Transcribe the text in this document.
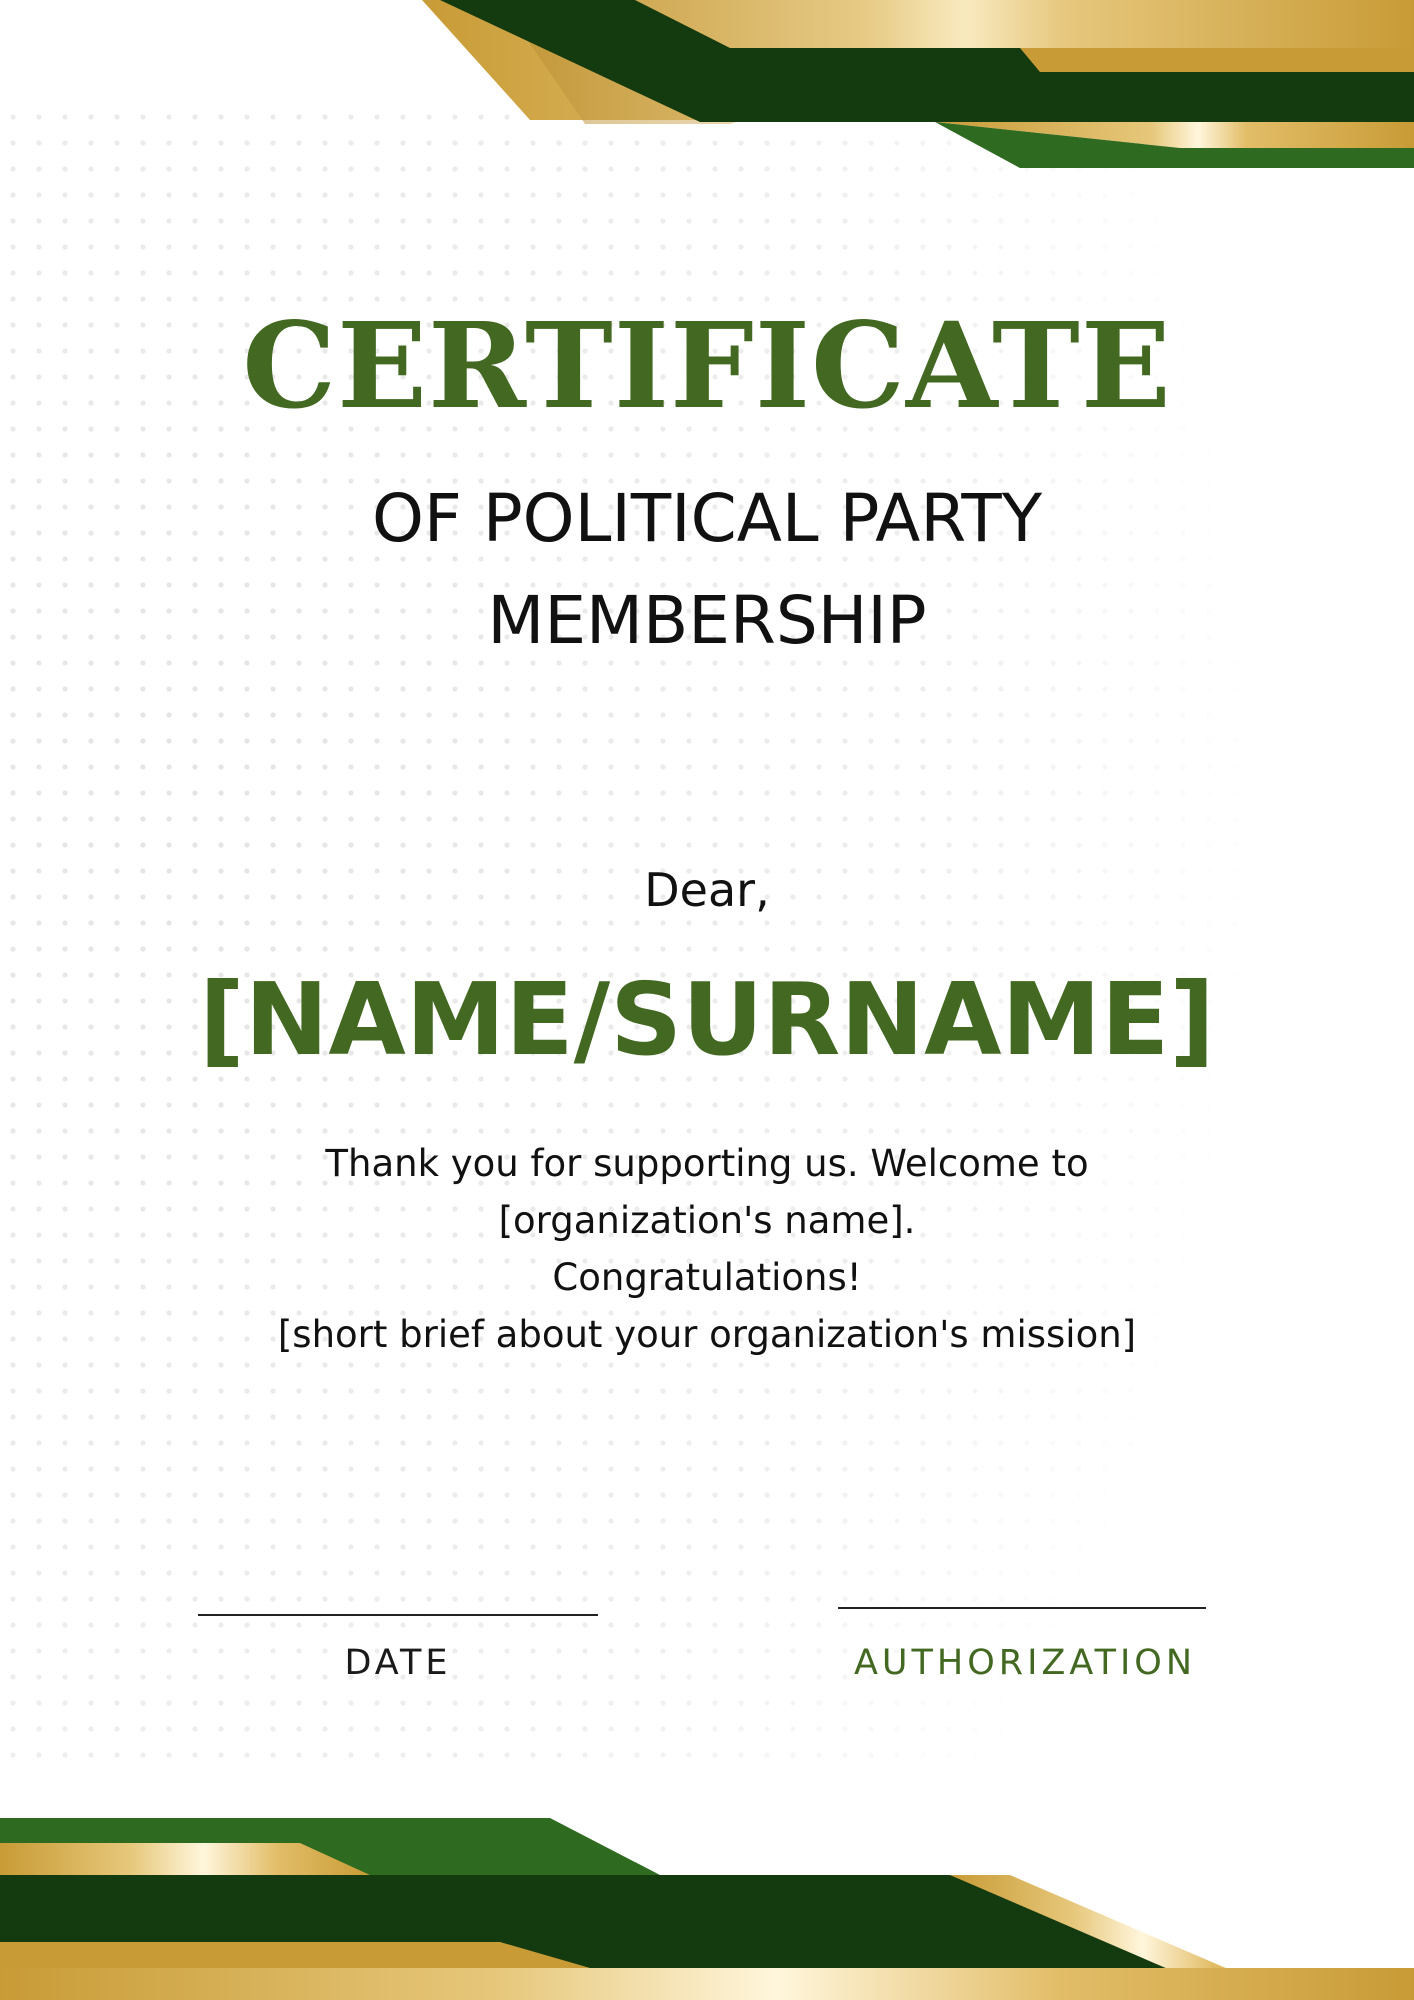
CERTIFICATE
OF POLITICAL PARTY
MEMBERSHIP
Dear,
[NAME/SURNAME]
Thank you for supporting us. Welcome to
[organization's name].
Congratulations!
[short brief about your organization's mission]
DATE	AUTHORIZATION
